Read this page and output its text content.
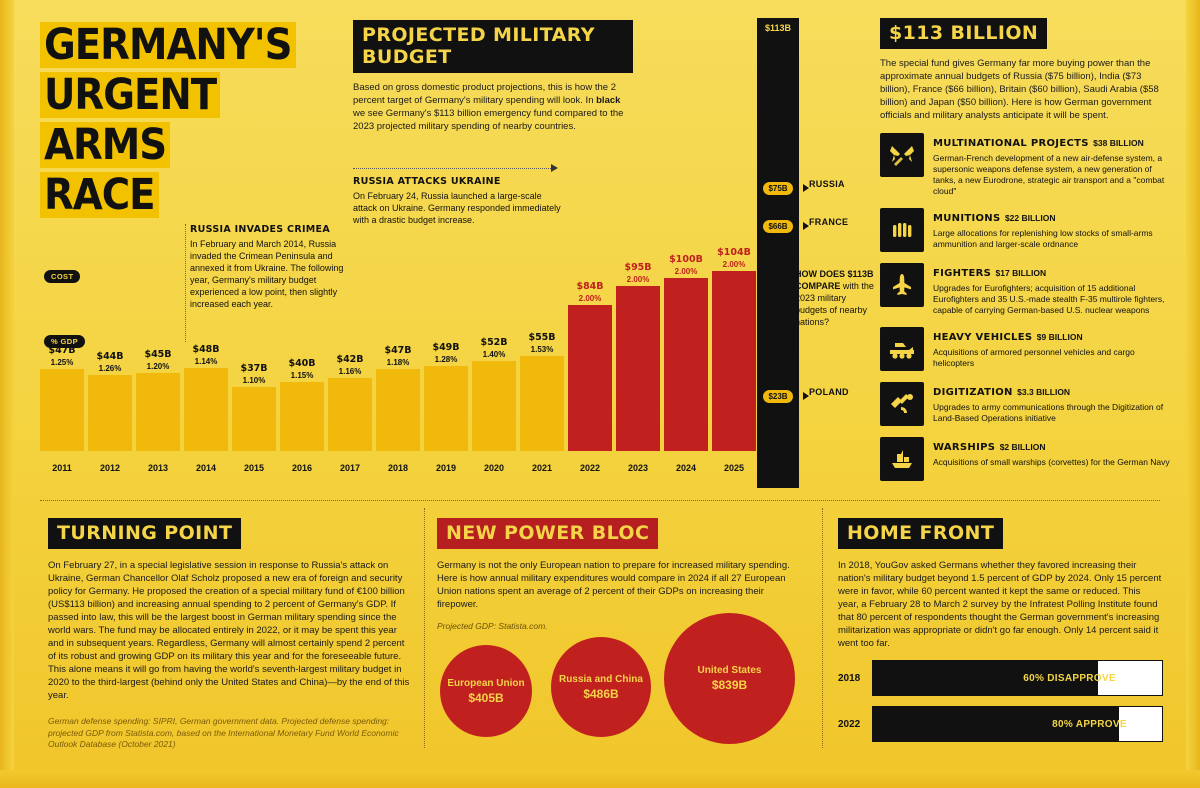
GERMANY'S
URGENT
ARMS
RACE
PROJECTED MILITARY BUDGET

Based on gross domestic product projections, this is how the 2 percent target of Germany's military spending will look. In black we see Germany's $113 billion emergency fund compared to the 2023 projected military spending of nearby countries.

RUSSIA ATTACKS UKRAINE

On February 24, Russia launched a large-scale attack on Ukraine. Germany responded immediately with a drastic budget increase.

RUSSIA INVADES CRIMEA

In February and March 2014, Russia invaded the Crimean Peninsula and annexed it from Ukraine. The following year, Germany's military budget experienced a low point, then slightly increased each year.

COST
% GDP
$47B
1.25%
2011
$44B
1.26%
2012
$45B
1.20%
2013
$48B
1.14%
2014
$37B
1.10%
2015
$40B
1.15%
2016
$42B
1.16%
2017
$47B
1.18%
2018
$49B
1.28%
2019
$52B
1.40%
2020
$55B
1.53%
2021
$84B
2.00%
2022
$95B
2.00%
2023
$100B
2.00%
2024
$104B
2.00%
2025
$113B
$75B	RUSSIA
$66B	FRANCE
$23B	POLAND
HOW DOES $113B COMPARE with the 2023 military budgets of nearby nations?
$113 BILLION

The special fund gives Germany far more buying power than the approximate annual budgets of Russia ($75 billion), India ($73 billion), France ($66 billion), Britain ($60 billion), Saudi Arabia ($58 billion) and Japan ($50 billion). Here is how German government officials and military analysts anticipate it will be spent.

MULTINATIONAL PROJECTS $38 BILLION
German-French development of a new air-defense system, a supersonic weapons defense system, a new generation of tanks, a new Eurodrone, strategic air transport and a "combat cloud"
MUNITIONS $22 BILLION
Large allocations for replenishing low stocks of small-arms ammunition and larger-scale ordnance
FIGHTERS $17 BILLION
Upgrades for Eurofighters; acquisition of 15 additional Eurofighters and 35 U.S.-made stealth F-35 multirole fighters, capable of carrying German-based U.S. nuclear weapons
HEAVY VEHICLES $9 BILLION
Acquisitions of armored personnel vehicles and cargo helicopters
DIGITIZATION $3.3 BILLION
Upgrades to army communications through the Digitization of Land-Based Operations initiative
WARSHIPS $2 BILLION
Acquisitions of small warships (corvettes) for the German Navy
TURNING POINT

On February 27, in a special legislative session in response to Russia's attack on Ukraine, German Chancellor Olaf Scholz proposed a new era of foreign and security policy for Germany. He proposed the creation of a special military fund of €100 billion (US$113 billion) and increasing annual spending to 2 percent of Germany's GDP. If passed into law, this will be the largest boost in German military spending since the world wars. The fund may be allocated entirely in 2022, or it may be spent this year and in subsequent years. Regardless, Germany will almost certainly spend 2 percent of its robust and growing GDP on its military this year and for the foreseeable future. This alone means it will go from having the world's seventh-largest military budget in 2020 to the third-largest (behind only the United States and China)—by the end of this year.

German defense spending: SIPRI, German government data. Projected defense spending: projected GDP from Statista.com, based on the International Monetary Fund World Economic Outlook Database (October 2021)
NEW POWER BLOC

Germany is not the only European nation to prepare for increased military spending. Here is how annual military expenditures would compare in 2024 if all 27 European Union nations spent an average of 2 percent of their GDPs on increasing their firepower.

Projected GDP: Statista.com.
European Union
$405B
Russia and China
$486B
United States
$839B
HOME FRONT

In 2018, YouGov asked Germans whether they favored increasing their nation's military budget beyond 1.5 percent of GDP by 2024. Only 15 percent were in favor, while 60 percent wanted it kept the same or reduced. This year, a February 28 to March 2 survey by the Infratest Polling Institute found that 80 percent of respondents thought the German government's increasing militarization was appropriate or didn't go far enough. Only 14 percent said it went too far.

2018	60% DISAPPROVE
2022	80% APPROVE
